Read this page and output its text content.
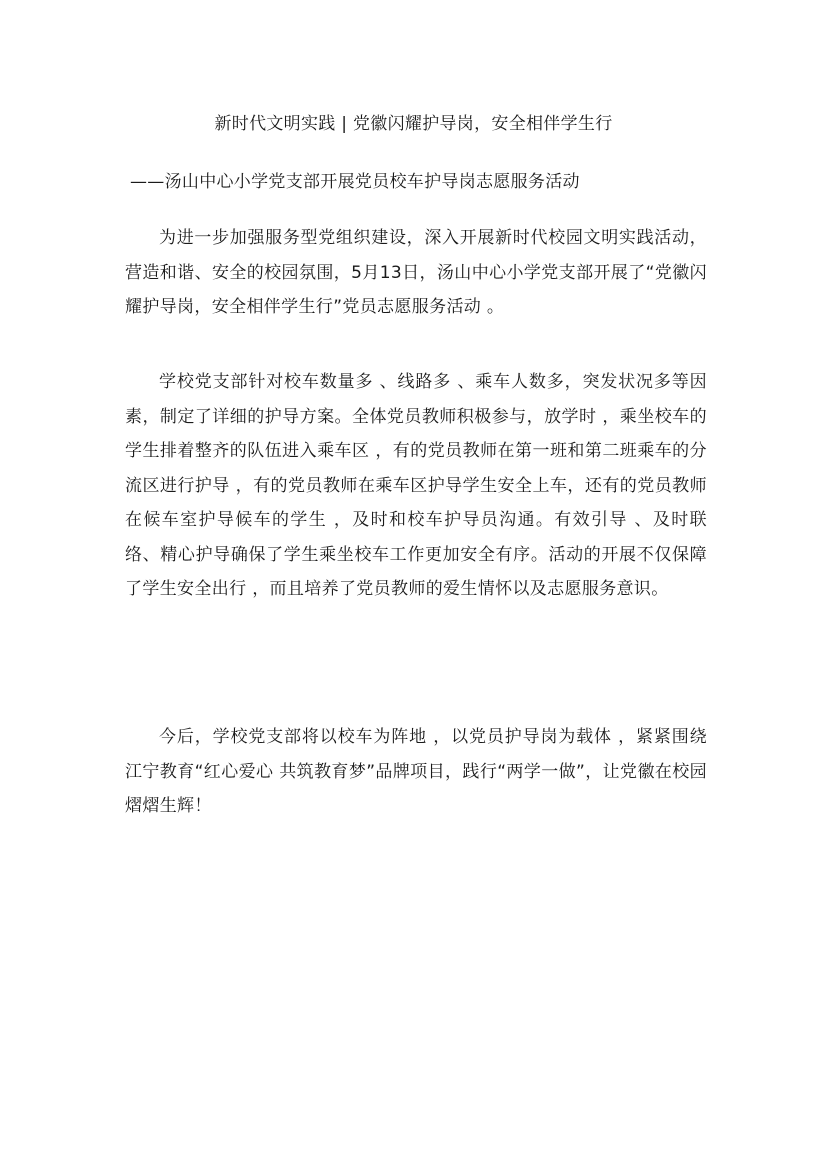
新时代文明实践 | 党徽闪耀护导岗，安全相伴学生行
——汤山中心小学党支部开展党员校车护导岗志愿服务活动

为进一步加强服务型党组织建设，深入开展新时代校园文明实践活动，营造和谐、安全的校园氛围，5月13日，汤山中心小学党支部开展了“党徽闪耀护导岗，安全相伴学生行”党员志愿服务活动 。

学校党支部针对校车数量多 、线路多 、乘车人数多，突发状况多等因素，制定了详细的护导方案。全体党员教师积极参与，放学时 ，乘坐校车的学生排着整齐的队伍进入乘车区 ，有的党员教师在第一班和第二班乘车的分流区进行护导 ，有的党员教师在乘车区护导学生安全上车，还有的党员教师在候车室护导候车的学生 ，及时和校车护导员沟通。有效引导 、及时联络、精心护导确保了学生乘坐校车工作更加安全有序。活动的开展不仅保障了学生安全出行 ，而且培养了党员教师的爱生情怀以及志愿服务意识。

今后，学校党支部将以校车为阵地 ，以党员护导岗为载体 ，紧紧围绕江宁教育“红心爱心 共筑教育梦”品牌项目，践行“两学一做”，让党徽在校园熠熠生辉！
